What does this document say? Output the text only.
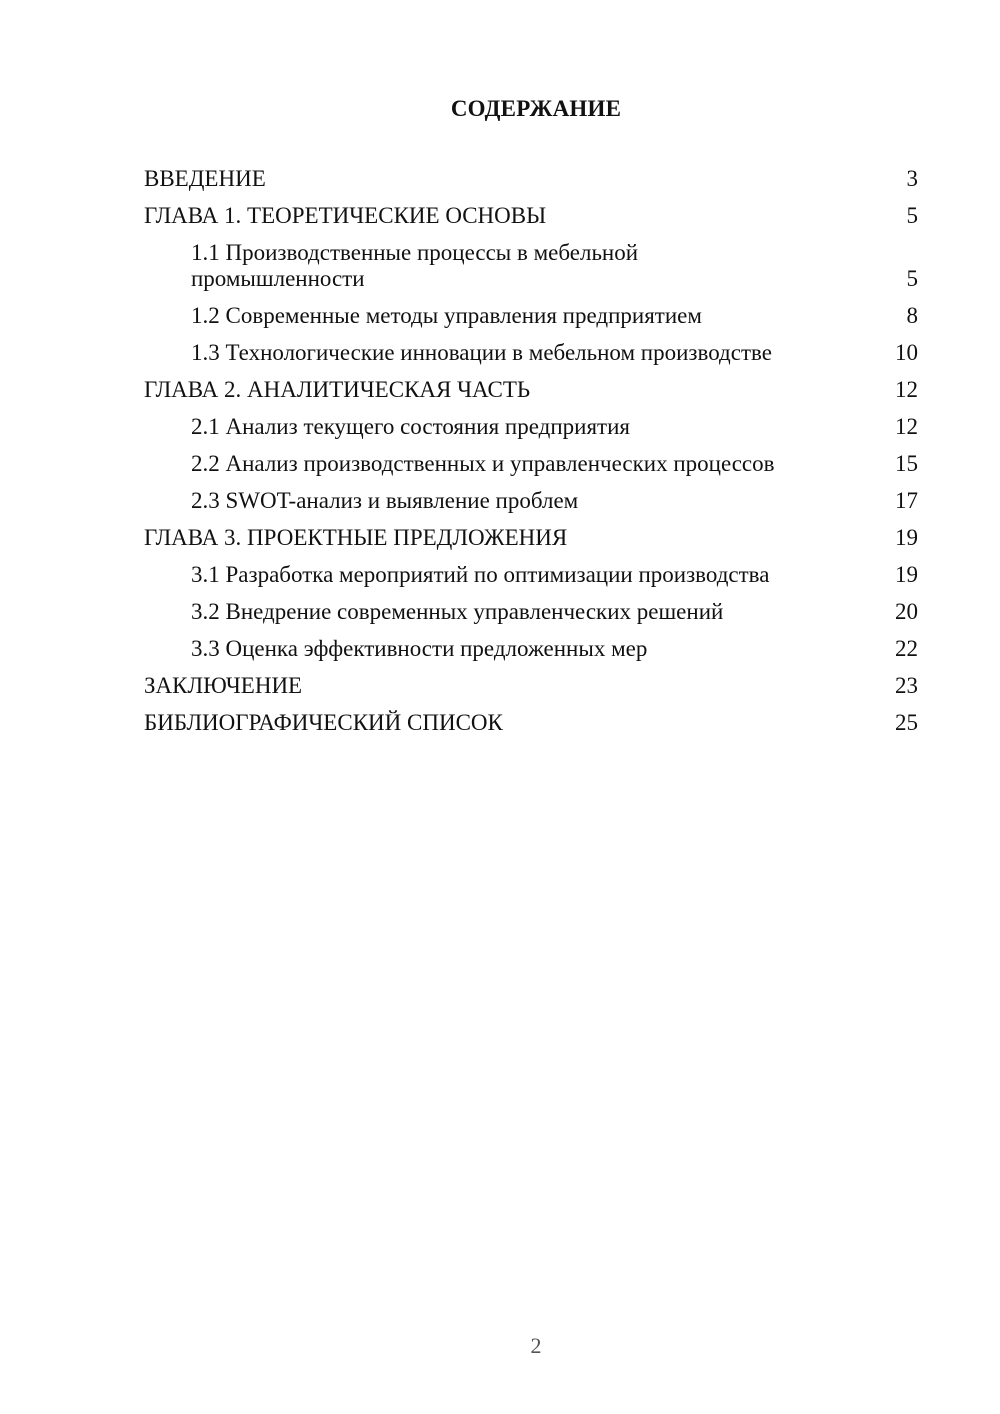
СОДЕРЖАНИЕ
ВВЕДЕНИЕ	3
ГЛАВА 1. ТЕОРЕТИЧЕСКИЕ ОСНОВЫ	5
1.1 Производственные процессы в мебельной промышленности	5
1.2 Современные методы управления предприятием	8
1.3 Технологические инновации в мебельном производстве	10
ГЛАВА 2. АНАЛИТИЧЕСКАЯ ЧАСТЬ	12
2.1 Анализ текущего состояния предприятия	12
2.2 Анализ производственных и управленческих процессов	15
2.3 SWOT-анализ и выявление проблем	17
ГЛАВА 3. ПРОЕКТНЫЕ ПРЕДЛОЖЕНИЯ	19
3.1 Разработка мероприятий по оптимизации производства	19
3.2 Внедрение современных управленческих решений	20
3.3 Оценка эффективности предложенных мер	22
ЗАКЛЮЧЕНИЕ	23
БИБЛИОГРАФИЧЕСКИЙ СПИСОК	25
2
